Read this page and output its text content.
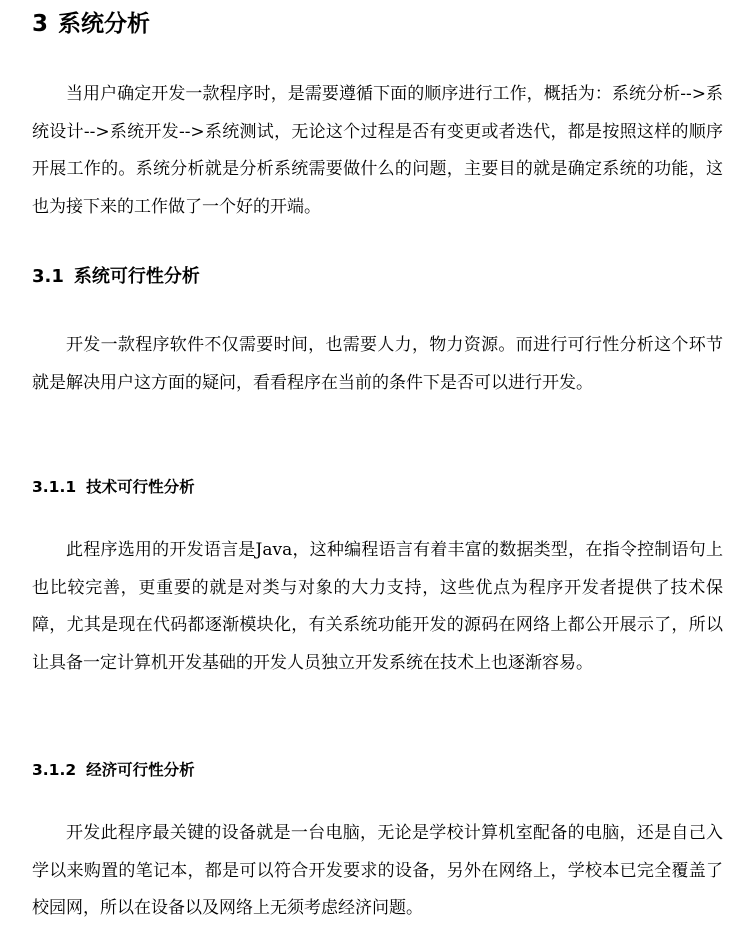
3 系统分析

当用户确定开发一款程序时，是需要遵循下面的顺序进行工作，概括为：系统分析-->系统设计-->系统开发-->系统测试，无论这个过程是否有变更或者迭代，都是按照这样的顺序开展工作的。系统分析就是分析系统需要做什么的问题，主要目的就是确定系统的功能，这也为接下来的工作做了一个好的开端。

3.1 系统可行性分析

开发一款程序软件不仅需要时间，也需要人力，物力资源。而进行可行性分析这个环节就是解决用户这方面的疑问，看看程序在当前的条件下是否可以进行开发。

3.1.1 技术可行性分析

此程序选用的开发语言是Java，这种编程语言有着丰富的数据类型，在指令控制语句上也比较完善，更重要的就是对类与对象的大力支持，这些优点为程序开发者提供了技术保障，尤其是现在代码都逐渐模块化，有关系统功能开发的源码在网络上都公开展示了，所以让具备一定计算机开发基础的开发人员独立开发系统在技术上也逐渐容易。

3.1.2 经济可行性分析

开发此程序最关键的设备就是一台电脑，无论是学校计算机室配备的电脑，还是自己入学以来购置的笔记本，都是可以符合开发要求的设备，另外在网络上，学校本已完全覆盖了校园网，所以在设备以及网络上无须考虑经济问题。
